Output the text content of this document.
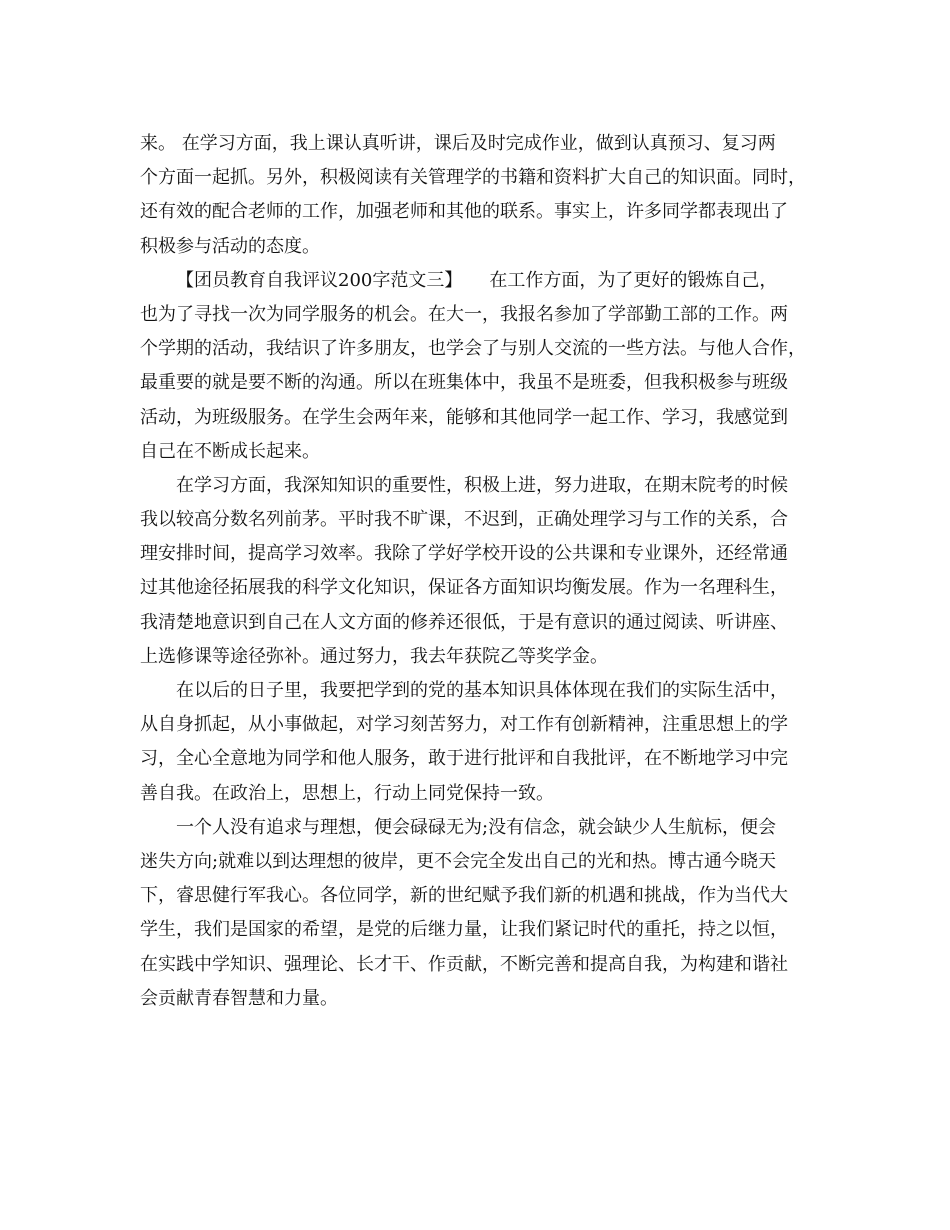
来。 在学习方面，我上课认真听讲，课后及时完成作业，做到认真预习、复习两
个方面一起抓。另外，积极阅读有关管理学的书籍和资料扩大自己的知识面。同时，
还有效的配合老师的工作，加强老师和其他的联系。事实上，许多同学都表现出了
积极参与活动的态度。
【团员教育自我评议200字范文三】　　在工作方面，为了更好的锻炼自己，
也为了寻找一次为同学服务的机会。在大一，我报名参加了学部勤工部的工作。两
个学期的活动，我结识了许多朋友，也学会了与别人交流的一些方法。与他人合作，
最重要的就是要不断的沟通。所以在班集体中，我虽不是班委，但我积极参与班级
活动，为班级服务。在学生会两年来，能够和其他同学一起工作、学习，我感觉到
自己在不断成长起来。
在学习方面，我深知知识的重要性，积极上进，努力进取，在期末院考的时候
我以较高分数名列前茅。平时我不旷课，不迟到，正确处理学习与工作的关系，合
理安排时间，提高学习效率。我除了学好学校开设的公共课和专业课外，还经常通
过其他途径拓展我的科学文化知识，保证各方面知识均衡发展。作为一名理科生，
我清楚地意识到自己在人文方面的修养还很低，于是有意识的通过阅读、听讲座、
上选修课等途径弥补。通过努力，我去年获院乙等奖学金。
在以后的日子里，我要把学到的党的基本知识具体体现在我们的实际生活中，
从自身抓起，从小事做起，对学习刻苦努力，对工作有创新精神，注重思想上的学
习，全心全意地为同学和他人服务，敢于进行批评和自我批评，在不断地学习中完
善自我。在政治上，思想上，行动上同党保持一致。
一个人没有追求与理想，便会碌碌无为;没有信念，就会缺少人生航标，便会
迷失方向;就难以到达理想的彼岸，更不会完全发出自己的光和热。博古通今晓天
下，睿思健行军我心。各位同学，新的世纪赋予我们新的机遇和挑战，作为当代大
学生，我们是国家的希望，是党的后继力量，让我们紧记时代的重托，持之以恒，
在实践中学知识、强理论、长才干、作贡献，不断完善和提高自我，为构建和谐社
会贡献青春智慧和力量。
